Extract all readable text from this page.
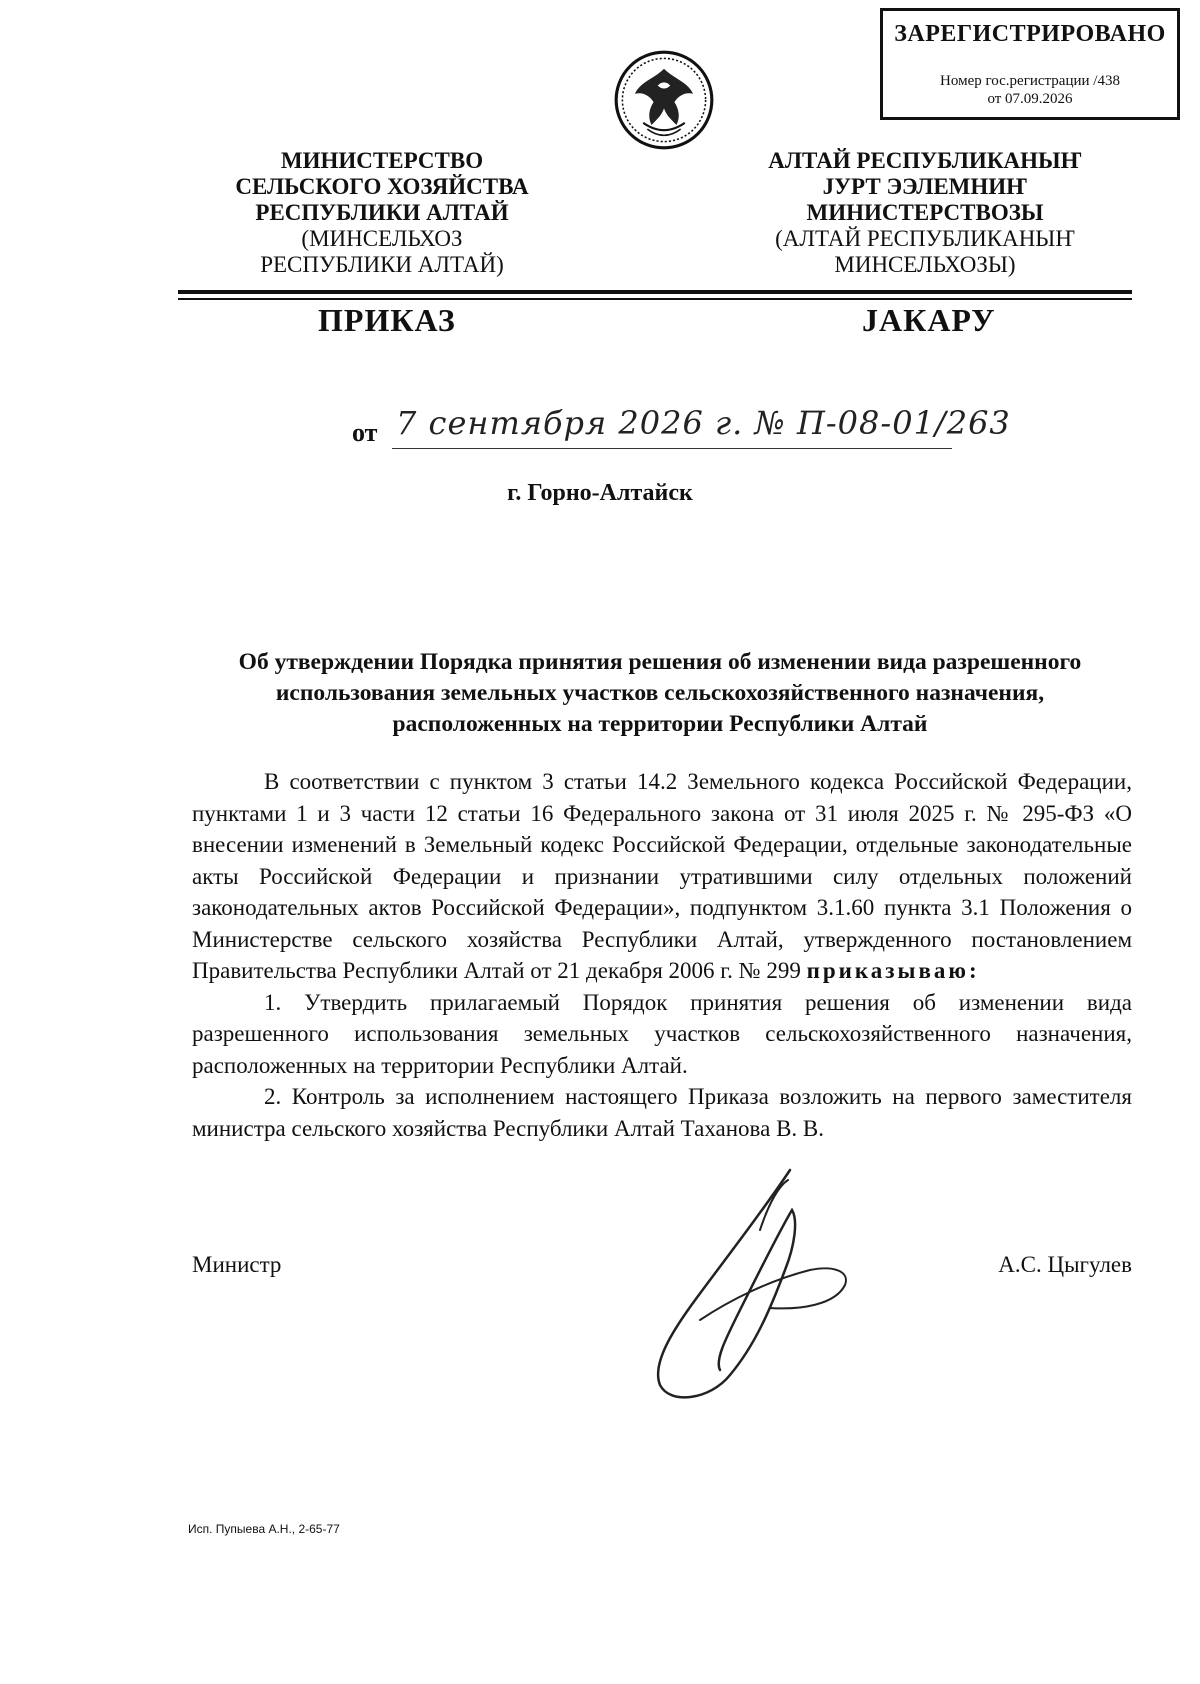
ЗАРЕГИСТРИРОВАНО
Номер гос.регистрации /438
от 07.09.2026
МИНИСТЕРСТВО
СЕЛЬСКОГО ХОЗЯЙСТВА
РЕСПУБЛИКИ АЛТАЙ
(МИНСЕЛЬХОЗ
РЕСПУБЛИКИ АЛТАЙ)
АЛТАЙ РЕСПУБЛИКАНЫҤ
ЈУРТ ЭЭЛЕМНИҤ
МИНИСТЕРСТВОЗЫ
(АЛТАЙ РЕСПУБЛИКАНЫҤ
МИНСЕЛЬХОЗЫ)
ПРИКАЗ	ЈАКАРУ
от 7 сентября 2026 г. № П-08-01/263
г. Горно-Алтайск
Об утверждении Порядка принятия решения об изменении вида разрешенного
использования земельных участков сельскохозяйственного назначения,
расположенных на территории Республики Алтай

В соответствии с пунктом 3 статьи 14.2 Земельного кодекса Российской Федерации, пунктами 1 и 3 части 12 статьи 16 Федерального закона от 31 июля 2025 г. № 295-ФЗ «О внесении изменений в Земельный кодекс Российской Федерации, отдельные законодательные акты Российской Федерации и признании утратившими силу отдельных положений законодательных актов Российской Федерации», подпунктом 3.1.60 пункта 3.1 Положения о Министерстве сельского хозяйства Республики Алтай, утвержденного постановлением Правительства Республики Алтай от 21 декабря 2006 г. № 299 приказываю:

1. Утвердить прилагаемый Порядок принятия решения об изменении вида разрешенного использования земельных участков сельскохозяйственного назначения, расположенных на территории Республики Алтай.

2. Контроль за исполнением настоящего Приказа возложить на первого заместителя министра сельского хозяйства Республики Алтай Таханова В. В.

Министр	А.С. Цыгулев
Исп. Пупыева А.Н., 2-65-77
